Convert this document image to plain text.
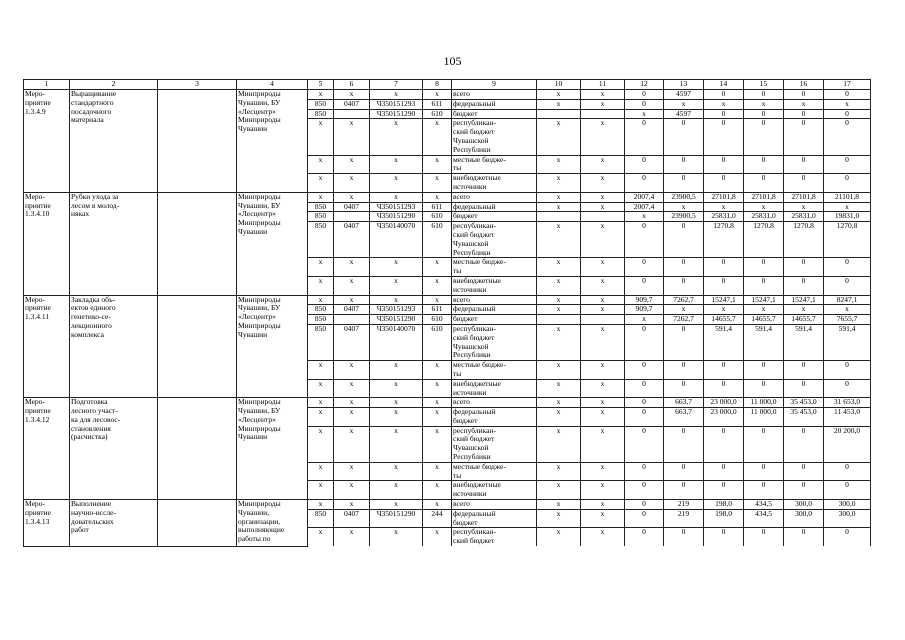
105
1	2	3	4	5	6	7	8	9	10	11	12	13	14	15	16	17
Меро-
приятие
1.3.4.9	Выращивание
стандартного
посадочного
материала		Минприроды
Чувашии, БУ
«Лесцентр»
Минприроды
Чувашии	x	x	x	x	всего	x	x	0	4597	0	0	0	0
				850	0407	Ч350151293	611	федеральный	x	x	0	x	x	x	x	x
				850		Ч350151290	610	бюджет			x	4597	0	0	0	0
				x	x	x	x	республикан-
ский бюджет
Чувашской
Республики	x	x	0	0	0	0	0	0
				x	x	x	x	местные бюдже-
ты	x	x	0	0	0	0	0	0
				x	x	x	x	внебюджетные
источники	x	x	0	0	0	0	0	0
Меро-
приятие
1.3.4.10	Рубки ухода за
лесом в молод-
няках		Минприроды
Чувашии, БУ
«Лесцентр»
Минприроды
Чувашии	x	x	x	x	всего	x	x	2007,4	23900,5	27101,8	27101,8	27101,8	21101,8
				850	0407	Ч350151293	611	федеральный	x	x	2007,4	x	x	x	x	x
				850		Ч350151290	610	бюджет			x	23900,5	25831,0	25831,0	25831,0	19831,0
				850	0407	Ч350140070	610	республикан-
ский бюджет
Чувашской
Республики	x	x	0	0	1270,8	1270,8	1270,8	1270,8
				x	x	x	x	местные бюдже-
ты	x	x	0	0	0	0	0	0
				x	x	x	x	внебюджетные
источники	x	x	0	0	0	0	0	0
Меро-
приятие
1.3.4.11	Закладка объ-
ектов единого
генетико-се-
лекционного
комплекса		Минприроды
Чувашии, БУ
«Лесцентр»
Минприроды
Чувашии	x	x	x	x	всего	x	x	909,7	7262,7	15247,1	15247,1	15247,1	8247,1
				850	0407	Ч350151293	611	федеральный	x	x	909,7	x	x	x	x	x
				850		Ч350151290	610	бюджет			x	7262,7	14655,7	14655,7	14655,7	7655,7
				850	0407	Ч350140070	610	республикан-
ский бюджет
Чувашской
Республики	x	x	0	0	591,4	591,4	591,4	591,4
				x	x	x	x	местные бюдже-
ты	x	x	0	0	0	0	0	0
				x	x	x	x	внебюджетные
источники	x	x	0	0	0	0	0	0
Меро-
приятие
1.3.4.12	Подготовка
лесного участ-
ка для лесовос-
становления
(расчистка)		Минприроды
Чувашии, БУ
«Лесцентр»
Минприроды
Чувашии	x	x	x	x	всего	x	x	0	663,7	23 000,0	11 000,0	35 453,0	31 653,0
				x	x	x	x	федеральный
бюджет	x	x	0	663,7	23 000,0	11 000,0	35 453,0	11 453,0
				x	x	x	x	республикан-
ский бюджет
Чувашской
Республики	x	x	0	0	0	0	0	20 200,0
				x	x	x	x	местные бюдже-
ты	x	x	0	0	0	0	0	0
				x	x	x	x	внебюджетные
источники	x	x	0	0	0	0	0	0
Меро-
приятие
1.3.4.13	Выполнение
научно-иссле-
довательских
работ		Минприроды
Чувашии,
организации,
выполняющие
работы по	x	x	x	x	всего	x	x	0	219	198,0	434,5	300,0	300,0
				850	0407	Ч350151290	244	федеральный
бюджет	x	x	0	219	198,0	434,5	300,0	300,0
				x	x	x	x	республикан-
ский бюджет	x	x	0	0	0	0	0	0
